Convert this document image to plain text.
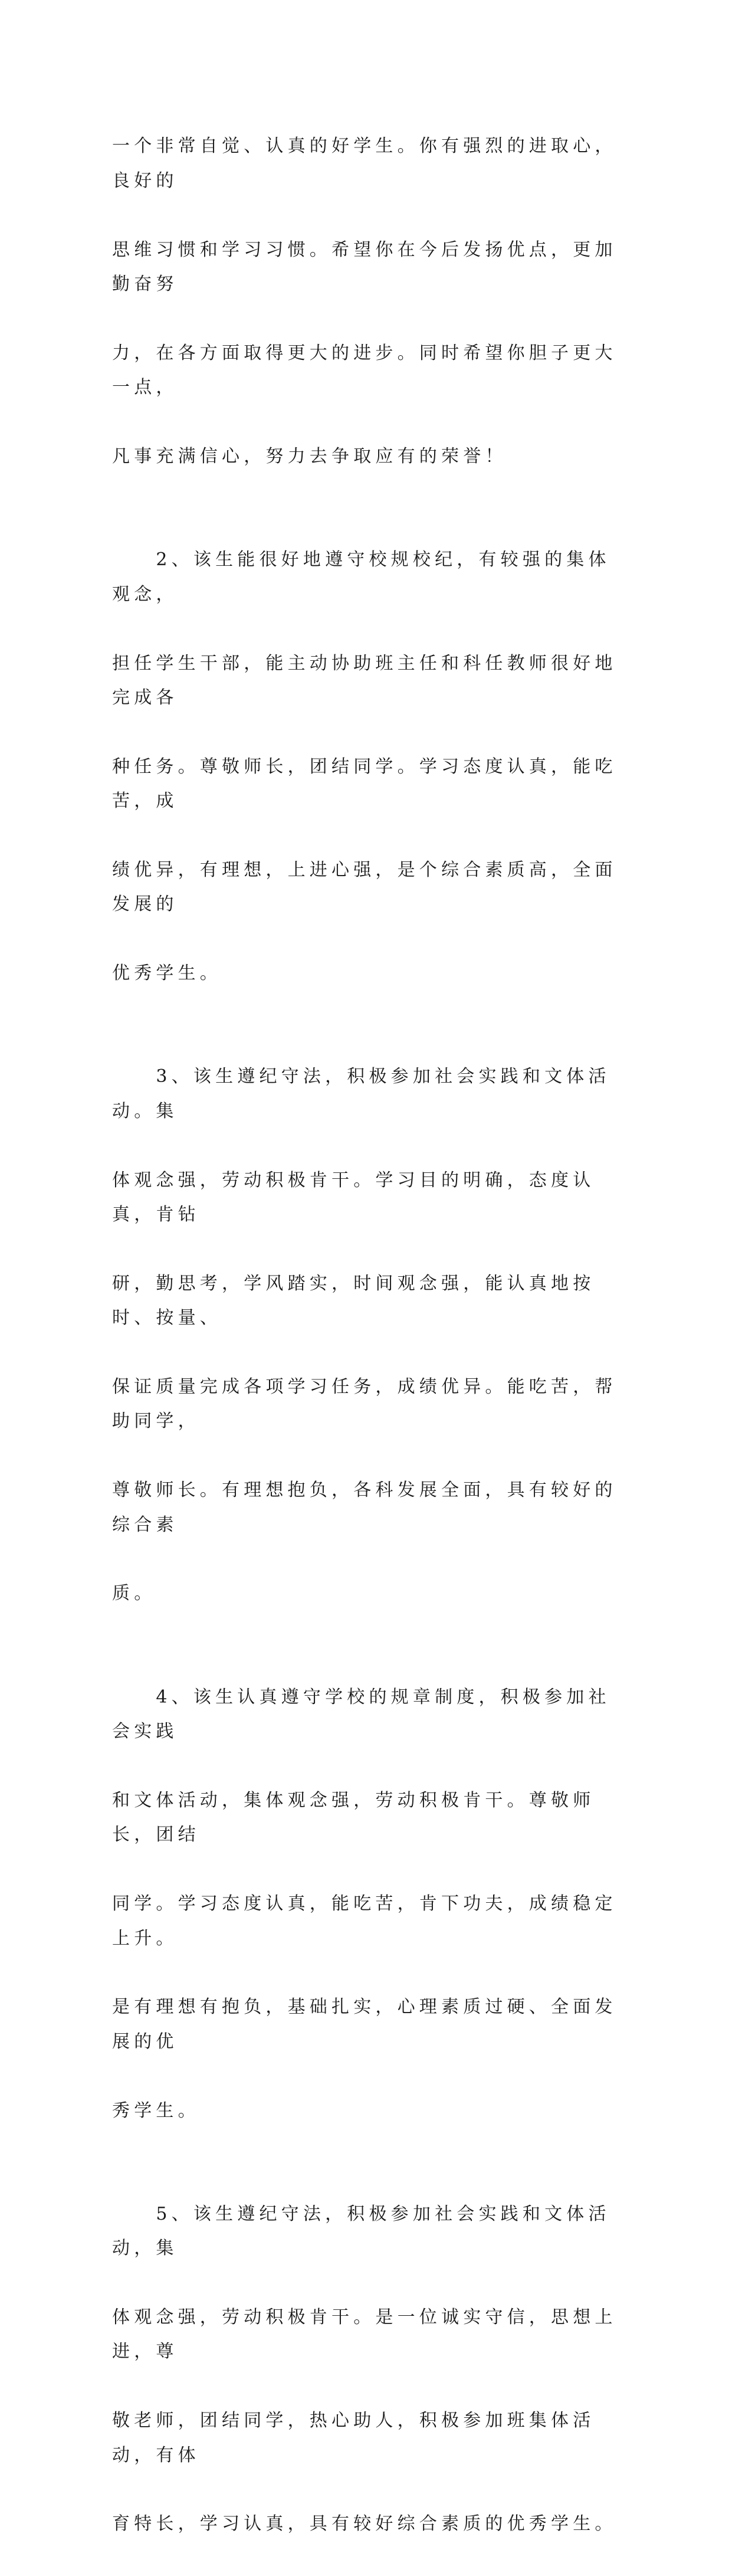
一个非常自觉、认真的好学生。你有强烈的进取心，良好的

思维习惯和学习习惯。希望你在今后发扬优点，更加勤奋努

力，在各方面取得更大的进步。同时希望你胆子更大一点，

凡事充满信心，努力去争取应有的荣誉！

　　2、该生能很好地遵守校规校纪，有较强的集体观念，

担任学生干部，能主动协助班主任和科任教师很好地完成各

种任务。尊敬师长，团结同学。学习态度认真，能吃苦，成

绩优异，有理想，上进心强，是个综合素质高，全面发展的

优秀学生。

　　3、该生遵纪守法，积极参加社会实践和文体活动。集

体观念强，劳动积极肯干。学习目的明确，态度认真，肯钻

研，勤思考，学风踏实，时间观念强，能认真地按时、按量、

保证质量完成各项学习任务，成绩优异。能吃苦，帮助同学，

尊敬师长。有理想抱负，各科发展全面，具有较好的综合素

质。

　　4、该生认真遵守学校的规章制度，积极参加社会实践

和文体活动，集体观念强，劳动积极肯干。尊敬师长，团结

同学。学习态度认真，能吃苦，肯下功夫，成绩稳定上升。

是有理想有抱负，基础扎实，心理素质过硬、全面发展的优

秀学生。

　　5、该生遵纪守法，积极参加社会实践和文体活动，集

体观念强，劳动积极肯干。是一位诚实守信，思想上进，尊

敬老师，团结同学，热心助人，积极参加班集体活动，有体

育特长，学习认真，具有较好综合素质的优秀学生。
